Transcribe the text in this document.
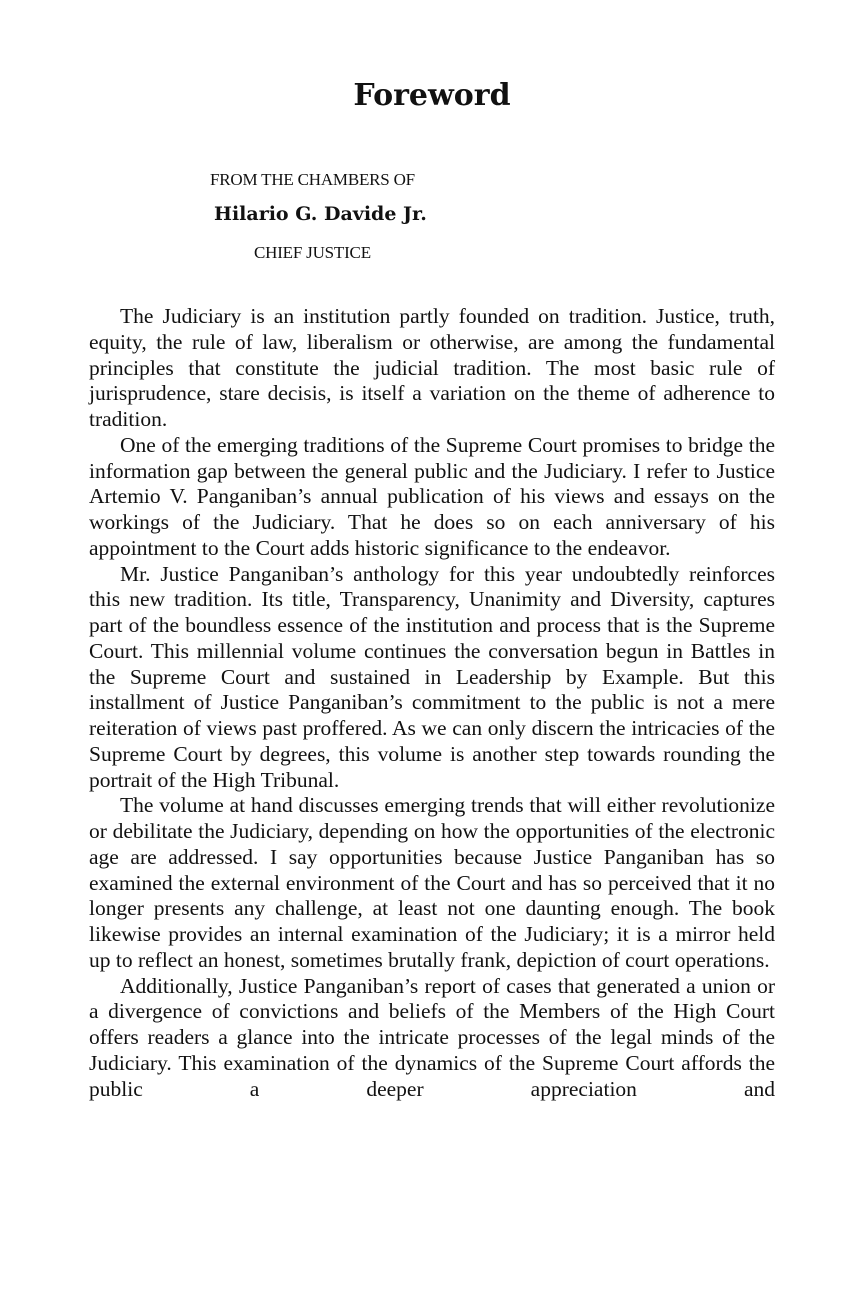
Foreword
FROM THE CHAMBERS OF
Hilario G. Davide Jr.
CHIEF JUSTICE

The Judiciary is an institution partly founded on tradition. Justice, truth, equity, the rule of law, liberalism or otherwise, are among the fundamental principles that constitute the judicial tradition. The most basic rule of jurisprudence, stare decisis, is itself a variation on the theme of adherence to tradition.

One of the emerging traditions of the Supreme Court promises to bridge the information gap between the general public and the Judiciary. I refer to Justice Artemio V. Panganiban’s annual publication of his views and essays on the workings of the Judiciary. That he does so on each anniversary of his appointment to the Court adds historic significance to the endeavor.

Mr. Justice Panganiban’s anthology for this year undoubtedly reinforces this new tradition. Its title, Transparency, Unanimity and Diversity, captures part of the boundless essence of the institution and process that is the Supreme Court. This millennial volume continues the conversation begun in Battles in the Supreme Court and sustained in Leadership by Example. But this installment of Justice Panganiban’s commitment to the public is not a mere reiteration of views past proffered. As we can only discern the intricacies of the Supreme Court by degrees, this volume is another step towards rounding the portrait of the High Tribunal.

The volume at hand discusses emerging trends that will either revolutionize or debilitate the Judiciary, depending on how the opportunities of the electronic age are addressed. I say opportunities because Justice Panganiban has so examined the external environment of the Court and has so perceived that it no longer presents any challenge, at least not one daunting enough. The book likewise provides an internal examination of the Judiciary; it is a mirror held up to reflect an honest, sometimes brutally frank, depiction of court operations.

Additionally, Justice Panganiban’s report of cases that generated a union or a divergence of convictions and beliefs of the Members of the High Court offers readers a glance into the intricate processes of the legal minds of the Judiciary. This examination of the dynamics of the Supreme Court affords the public a deeper appreciation and
